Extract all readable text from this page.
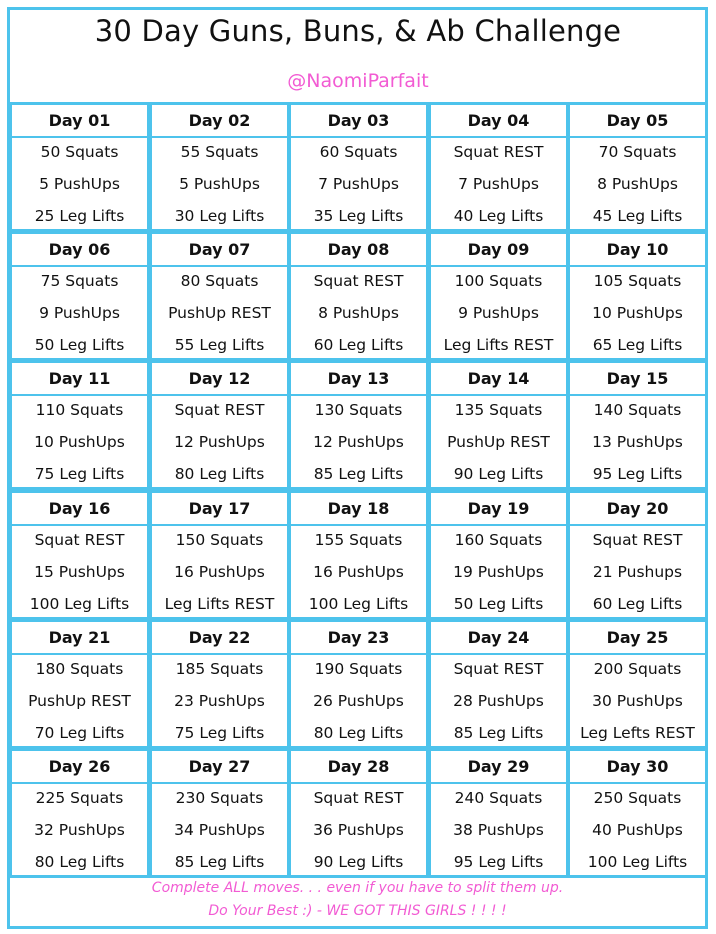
30 Day Guns, Buns, & Ab Challenge
@NaomiParfait
Day 01
50 Squats
5 PushUps
25 Leg Lifts
Day 02
55 Squats
5 PushUps
30 Leg Lifts
Day 03
60 Squats
7 PushUps
35 Leg Lifts
Day 04
Squat REST
7 PushUps
40 Leg Lifts
Day 05
70 Squats
8 PushUps
45 Leg Lifts
Day 06
75 Squats
9 PushUps
50 Leg Lifts
Day 07
80 Squats
PushUp REST
55 Leg Lifts
Day 08
Squat REST
8 PushUps
60 Leg Lifts
Day 09
100 Squats
9 PushUps
Leg Lifts REST
Day 10
105 Squats
10 PushUps
65 Leg Lifts
Day 11
110 Squats
10 PushUps
75 Leg Lifts
Day 12
Squat REST
12 PushUps
80 Leg Lifts
Day 13
130 Squats
12 PushUps
85 Leg Lifts
Day 14
135 Squats
PushUp REST
90 Leg Lifts
Day 15
140 Squats
13 PushUps
95 Leg Lifts
Day 16
Squat REST
15 PushUps
100 Leg Lifts
Day 17
150 Squats
16 PushUps
Leg Lifts REST
Day 18
155 Squats
16 PushUps
100 Leg Lifts
Day 19
160 Squats
19 PushUps
50 Leg Lifts
Day 20
Squat REST
21 Pushups
60 Leg Lifts
Day 21
180 Squats
PushUp REST
70 Leg Lifts
Day 22
185 Squats
23 PushUps
75 Leg Lifts
Day 23
190 Squats
26 PushUps
80 Leg Lifts
Day 24
Squat REST
28 PushUps
85 Leg Lifts
Day 25
200 Squats
30 PushUps
Leg Lefts REST
Day 26
225 Squats
32 PushUps
80 Leg Lifts
Day 27
230 Squats
34 PushUps
85 Leg Lifts
Day 28
Squat REST
36 PushUps
90 Leg Lifts
Day 29
240 Squats
38 PushUps
95 Leg Lifts
Day 30
250 Squats
40 PushUps
100 Leg Lifts
Complete ALL moves. . . even if you have to split them up.
Do Your Best :) - WE GOT THIS GIRLS ! ! ! !
